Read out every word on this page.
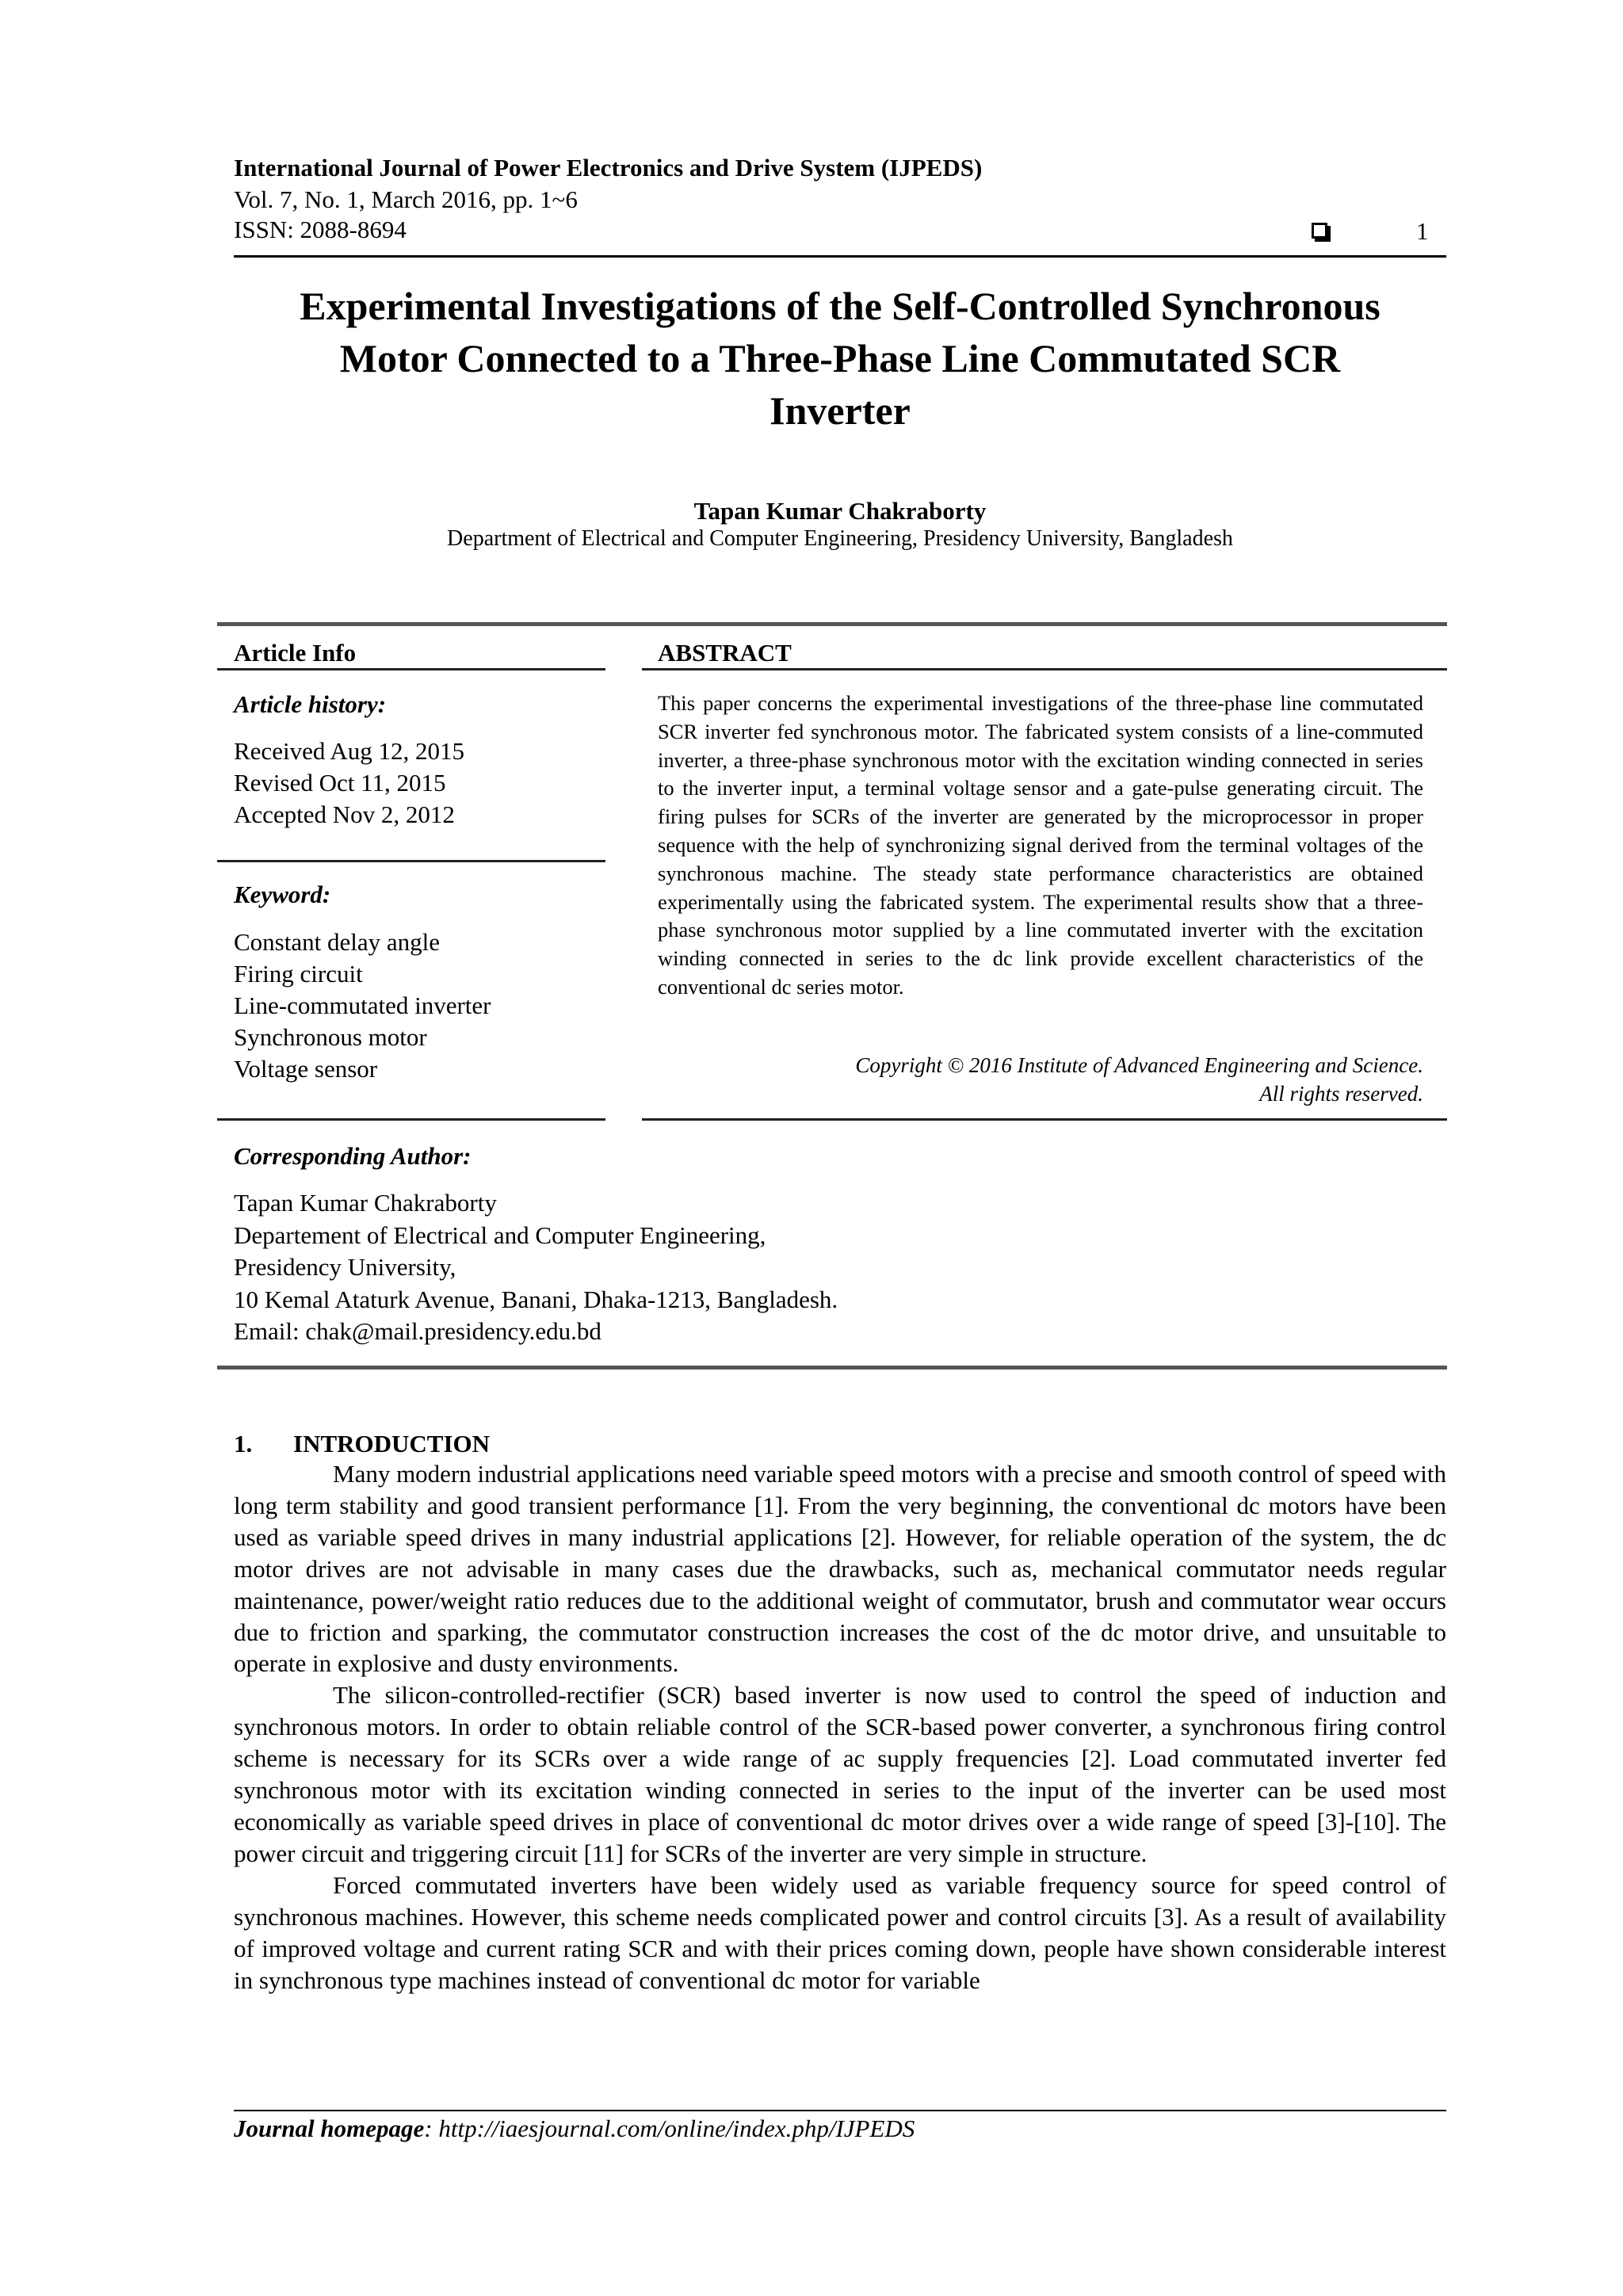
International Journal of Power Electronics and Drive System (IJPEDS)
Vol. 7, No. 1, March 2016, pp. 1~6
ISSN: 2088-8694	1
Experimental Investigations of the Self-Controlled Synchronous
Motor Connected to a Three-Phase Line Commutated SCR
Inverter
Tapan Kumar Chakraborty
Department of Electrical and Computer Engineering, Presidency University, Bangladesh
Article Info
Article history:
Received Aug 12, 2015
Revised Oct 11, 2015
Accepted Nov 2, 2012
Keyword:
Constant delay angle
Firing circuit
Line-commutated inverter
Synchronous motor
Voltage sensor
ABSTRACT
This paper concerns the experimental investigations of the three-phase line commutated SCR inverter fed synchronous motor. The fabricated system consists of a line-commuted inverter, a three-phase synchronous motor with the excitation winding connected in series to the inverter input, a terminal voltage sensor and a gate-pulse generating circuit. The firing pulses for SCRs of the inverter are generated by the microprocessor in proper sequence with the help of synchronizing signal derived from the terminal voltages of the synchronous machine. The steady state performance characteristics are obtained experimentally using the fabricated system. The experimental results show that a three-phase synchronous motor supplied by a line commutated inverter with the excitation winding connected in series to the dc link provide excellent characteristics of the conventional dc series motor.
Copyright © 2016 Institute of Advanced Engineering and Science.
All rights reserved.
Corresponding Author:
Tapan Kumar Chakraborty
Departement of Electrical and Computer Engineering,
Presidency University,
10 Kemal Ataturk Avenue, Banani, Dhaka-1213, Bangladesh.
Email: chak@mail.presidency.edu.bd
1. INTRODUCTION

Many modern industrial applications need variable speed motors with a precise and smooth control of speed with long term stability and good transient performance [1]. From the very beginning, the conventional dc motors have been used as variable speed drives in many industrial applications [2]. However, for reliable operation of the system, the dc motor drives are not advisable in many cases due the drawbacks, such as, mechanical commutator needs regular maintenance, power/weight ratio reduces due to the additional weight of commutator, brush and commutator wear occurs due to friction and sparking, the commutator construction increases the cost of the dc motor drive, and unsuitable to operate in explosive and dusty environments.

The silicon-controlled-rectifier (SCR) based inverter is now used to control the speed of induction and synchronous motors. In order to obtain reliable control of the SCR-based power converter, a synchronous firing control scheme is necessary for its SCRs over a wide range of ac supply frequencies [2]. Load commutated inverter fed synchronous motor with its excitation winding connected in series to the input of the inverter can be used most economically as variable speed drives in place of conventional dc motor drives over a wide range of speed [3]-[10]. The power circuit and triggering circuit [11] for SCRs of the inverter are very simple in structure.

Forced commutated inverters have been widely used as variable frequency source for speed control of synchronous machines. However, this scheme needs complicated power and control circuits [3]. As a result of availability of improved voltage and current rating SCR and with their prices coming down, people have shown considerable interest in synchronous type machines instead of conventional dc motor for variable

Journal homepage: http://iaesjournal.com/online/index.php/IJPEDS
